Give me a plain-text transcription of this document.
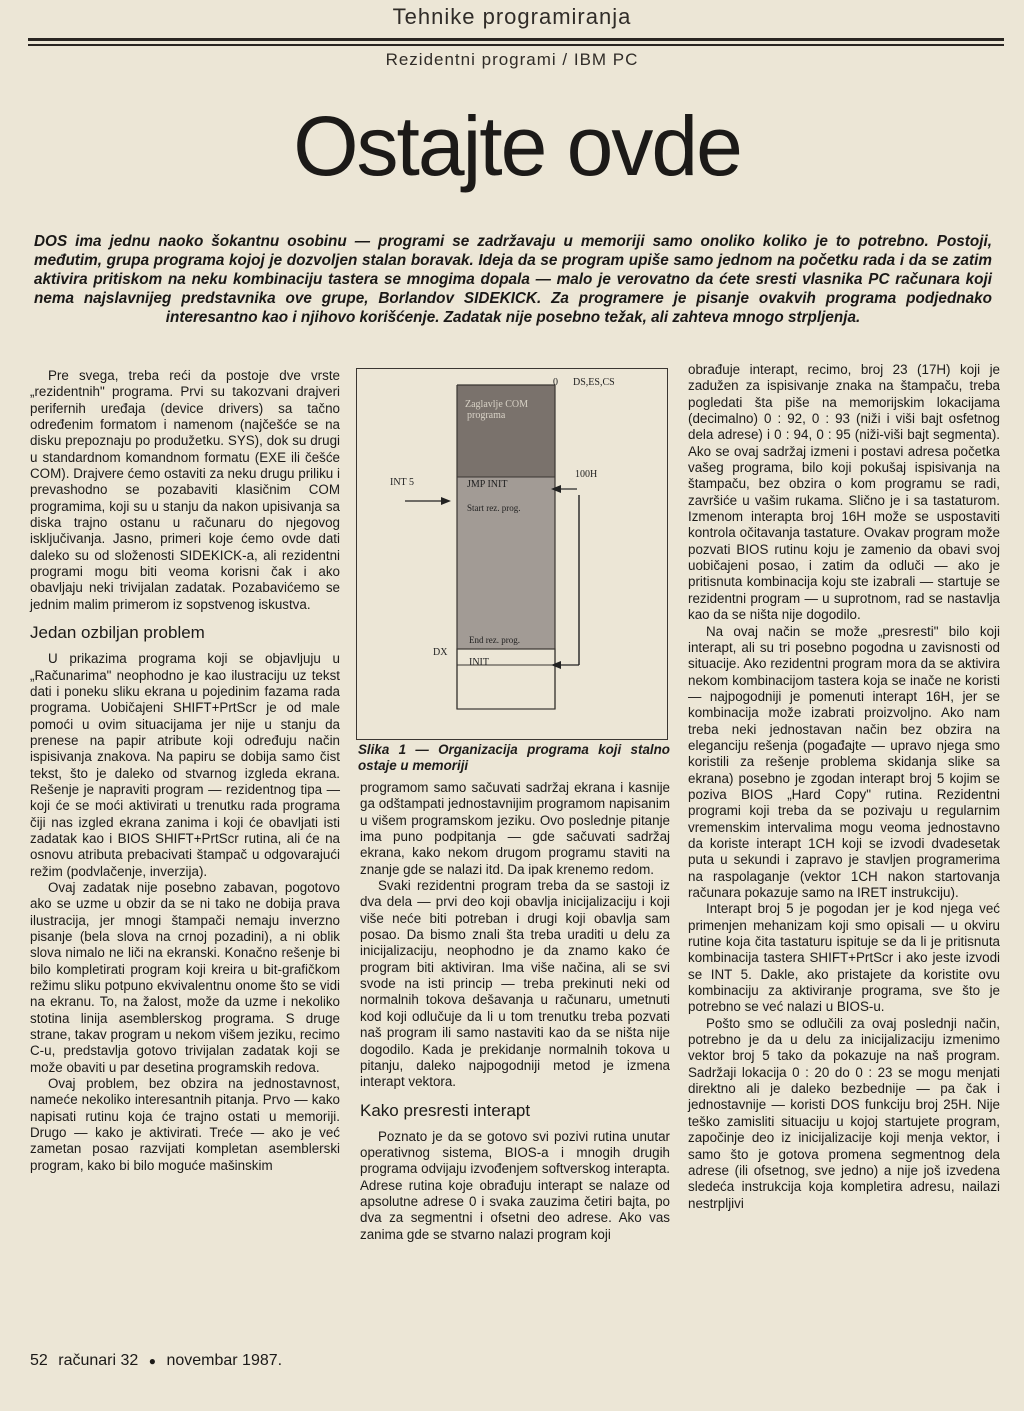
Tehnike programiranja
Rezidentni programi / IBM PC
Ostajte ovde
DOS ima jednu naoko šokantnu osobinu — programi se zadržavaju u memoriji samo onoliko koliko je to potrebno. Postoji, međutim, grupa programa kojoj je dozvoljen stalan boravak. Ideja da se program upiše samo jednom na početku rada i da se zatim aktivira pritiskom na neku kombinaciju tastera se mnogima dopala — malo je verovatno da ćete sresti vlasnika PC računara koji nema najslavnijeg predstavnika ove grupe, Borlandov SIDEKICK. Za programere je pisanje ovakvih programa podjednako interesantno kao i njihovo korišćenje. Zadatak nije posebno težak, ali zahteva mnogo strpljenja.

Pre svega, treba reći da postoje dve vrste „rezidentnih" programa. Prvi su takozvani drajveri perifernih uređaja (device drivers) sa tačno određenim formatom i namenom (najčešće se na disku prepoznaju po produžetku. SYS), dok su drugi u standardnom komandnom formatu (EXE ili češće COM). Drajvere ćemo ostaviti za neku drugu priliku i prevashodno se pozabaviti klasičnim COM programima, koji su u stanju da nakon upisivanja sa diska trajno ostanu u računaru do njegovog isključivanja. Jasno, primeri koje ćemo ovde dati daleko su od složenosti SIDEKICK-a, ali rezidentni programi mogu biti veoma korisni čak i ako obavljaju neki trivijalan zadatak. Pozabavićemo se jednim malim primerom iz sopstvenog iskustva.

Jedan ozbiljan problem

U prikazima programa koji se objavljuju u „Računarima" neophodno je kao ilustraciju uz tekst dati i poneku sliku ekrana u pojedinim fazama rada programa. Uobičajeni SHIFT+PrtScr je od male pomoći u ovim situacijama jer nije u stanju da prenese na papir atribute koji određuju način ispisivanja znakova. Na papiru se dobija samo čist tekst, što je daleko od stvarnog izgleda ekrana. Rešenje je napraviti program — rezidentnog tipa — koji će se moći aktivirati u trenutku rada programa čiji nas izgled ekrana zanima i koji će obavljati isti zadatak kao i BIOS SHIFT+PrtScr rutina, ali će na osnovu atributa prebacivati štampač u odgovarajući režim (podvlačenje, inverzija).

Ovaj zadatak nije posebno zabavan, pogotovo ako se uzme u obzir da se ni tako ne dobija prava ilustracija, jer mnogi štampači nemaju inverzno pisanje (bela slova na crnoj pozadini), a ni oblik slova nimalo ne liči na ekranski. Konačno rešenje bi bilo kompletirati program koji kreira u bit-grafičkom režimu sliku potpuno ekvivalentnu onome što se vidi na ekranu. To, na žalost, može da uzme i nekoliko stotina linija asemblerskog programa. S druge strane, takav program u nekom višem jeziku, recimo C-u, predstavlja gotovo trivijalan zadatak koji se može obaviti u par desetina programskih redova.

Ovaj problem, bez obzira na jednostavnost, nameće nekoliko interesantnih pitanja. Prvo — kako napisati rutinu koja će trajno ostati u memoriji. Drugo — kako je aktivirati. Treće — ako je već zametan posao razvijati kompletan asemblerski program, kako bi bilo moguće mašinskim

0 DS,ES,CS
Zaglavlje COM programa
INT 5	JMP INIT
Start rez. prog.
100H
End rez. prog.
DX
INIT
Slika 1 — Organizacija programa koji stalno ostaje u memoriji

programom samo sačuvati sadržaj ekrana i kasnije ga odštampati jednostavnijim programom napisanim u višem programskom jeziku. Ovo poslednje pitanje ima puno podpitanja — gde sačuvati sadržaj ekrana, kako nekom drugom programu staviti na znanje gde se nalazi itd. Da ipak krenemo redom.

Svaki rezidentni program treba da se sastoji iz dva dela — prvi deo koji obavlja inicijalizaciju i koji više neće biti potreban i drugi koji obavlja sam posao. Da bismo znali šta treba uraditi u delu za inicijalizaciju, neophodno je da znamo kako će program biti aktiviran. Ima više načina, ali se svi svode na isti princip — treba prekinuti neki od normalnih tokova dešavanja u računaru, umetnuti kod koji odlučuje da li u tom trenutku treba pozvati naš program ili samo nastaviti kao da se ništa nije dogodilo. Kada je prekidanje normalnih tokova u pitanju, daleko najpogodniji metod je izmena interapt vektora.

Kako presresti interapt

Poznato je da se gotovo svi pozivi rutina unutar operativnog sistema, BIOS-a i mnogih drugih programa odvijaju izvođenjem softverskog interapta. Adrese rutina koje obrađuju interapt se nalaze od apsolutne adrese 0 i svaka zauzima četiri bajta, po dva za segmentni i ofsetni deo adrese. Ako vas zanima gde se stvarno nalazi program koji

obrađuje interapt, recimo, broj 23 (17H) koji je zadužen za ispisivanje znaka na štampaču, treba pogledati šta piše na memorijskim lokacijama (decimalno) 0 : 92, 0 : 93 (niži i viši bajt osfetnog dela adrese) i 0 : 94, 0 : 95 (niži-viši bajt segmenta). Ako se ovaj sadržaj izmeni i postavi adresa početka vašeg programa, bilo koji pokušaj ispisivanja na štampaču, bez obzira o kom programu se radi, završiće u vašim rukama. Slično je i sa tastaturom. Izmenom interapta broj 16H može se uspostaviti kontrola očitavanja tastature. Ovakav program može pozvati BIOS rutinu koju je zamenio da obavi svoj uobičajeni posao, i zatim da odluči — ako je pritisnuta kombinacija koju ste izabrali — startuje se rezidentni program — u suprotnom, rad se nastavlja kao da se ništa nije dogodilo.

Na ovaj način se može „presresti" bilo koji interapt, ali su tri posebno pogodna u zavisnosti od situacije. Ako rezidentni program mora da se aktivira nekom kombinacijom tastera koja se inače ne koristi — najpogodniji je pomenuti interapt 16H, jer se kombinacija može izabrati proizvoljno. Ako nam treba neki jednostavan način bez obzira na eleganciju rešenja (pogađajte — upravo njega smo koristili za rešenje problema skidanja slike sa ekrana) posebno je zgodan interapt broj 5 kojim se poziva BIOS „Hard Copy" rutina. Rezidentni programi koji treba da se pozivaju u regularnim vremenskim intervalima mogu veoma jednostavno da koriste interapt 1CH koji se izvodi dvadesetak puta u sekundi i zapravo je stavljen programerima na raspolaganje (vektor 1CH nakon startovanja računara pokazuje samo na IRET instrukciju).

Interapt broj 5 je pogodan jer je kod njega već primenjen mehanizam koji smo opisali — u okviru rutine koja čita tastaturu ispituje se da li je pritisnuta kombinacija tastera SHIFT+PrtScr i ako jeste izvodi se INT 5. Dakle, ako pristajete da koristite ovu kombinaciju za aktiviranje programa, sve što je potrebno se već nalazi u BIOS-u.

Pošto smo se odlučili za ovaj poslednji način, potrebno je da u delu za inicijalizaciju izmenimo vektor broj 5 tako da pokazuje na naš program. Sadržaji lokacija 0 : 20 do 0 : 23 se mogu menjati direktno ali je daleko bezbednije — pa čak i jednostavnije — koristi DOS funkciju broj 25H. Nije teško zamisliti situaciju u kojoj startujete program, započinje deo iz inicijalizacije koji menja vektor, i samo što je gotova promena segmentnog dela adrese (ili ofsetnog, sve jedno) a nije još izvedena sledeća instrukcija koja kompletira adresu, nailazi nestrpljivi

52 računari 32 ● novembar 1987.
